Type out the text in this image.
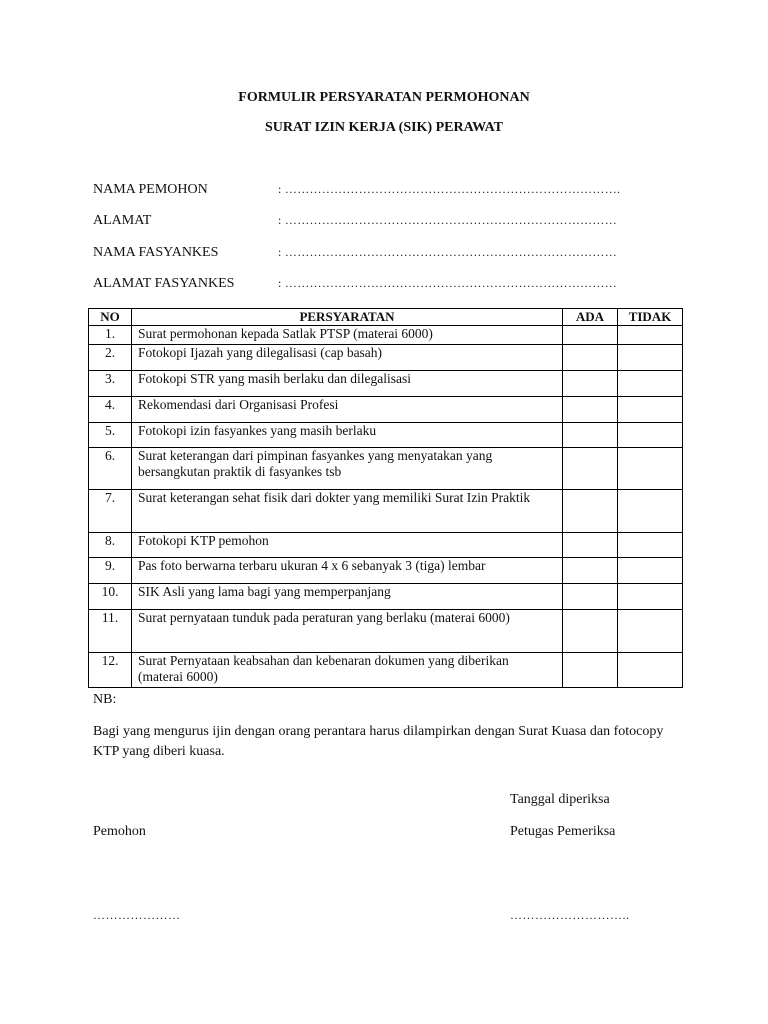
FORMULIR PERSYARATAN PERMOHONAN
SURAT IZIN KERJA (SIK) PERAWAT
NAMA PEMOHON	: ……………………………………………………………………….
ALAMAT	: ………………………………………………………………………
NAMA FASYANKES	: ………………………………………………………………………
ALAMAT FASYANKES	: ………………………………………………………………………
NO	PERSYARATAN	ADA	TIDAK
1.	Surat permohonan kepada Satlak PTSP (materai 6000)		
2.	Fotokopi Ijazah yang dilegalisasi (cap basah)		
3.	Fotokopi STR yang masih berlaku dan dilegalisasi		
4.	Rekomendasi dari Organisasi Profesi		
5.	Fotokopi izin fasyankes yang masih berlaku		
6.	Surat keterangan dari pimpinan fasyankes yang menyatakan yang bersangkutan praktik di fasyankes tsb		
7.	Surat keterangan sehat fisik dari dokter yang memiliki Surat Izin Praktik		
8.	Fotokopi KTP pemohon		
9.	Pas foto berwarna terbaru ukuran 4 x 6 sebanyak 3 (tiga) lembar		
10.	SIK Asli yang lama bagi yang memperpanjang		
11.	Surat pernyataan tunduk pada peraturan yang berlaku (materai 6000)		
12.	Surat Pernyataan keabsahan dan kebenaran dokumen yang diberikan (materai 6000)		
NB:
Bagi yang mengurus ijin dengan orang perantara harus dilampirkan dengan Surat Kuasa dan fotocopy KTP yang diberi kuasa.
Tanggal diperiksa
Pemohon	Petugas Pemeriksa
…………………	………………………..
